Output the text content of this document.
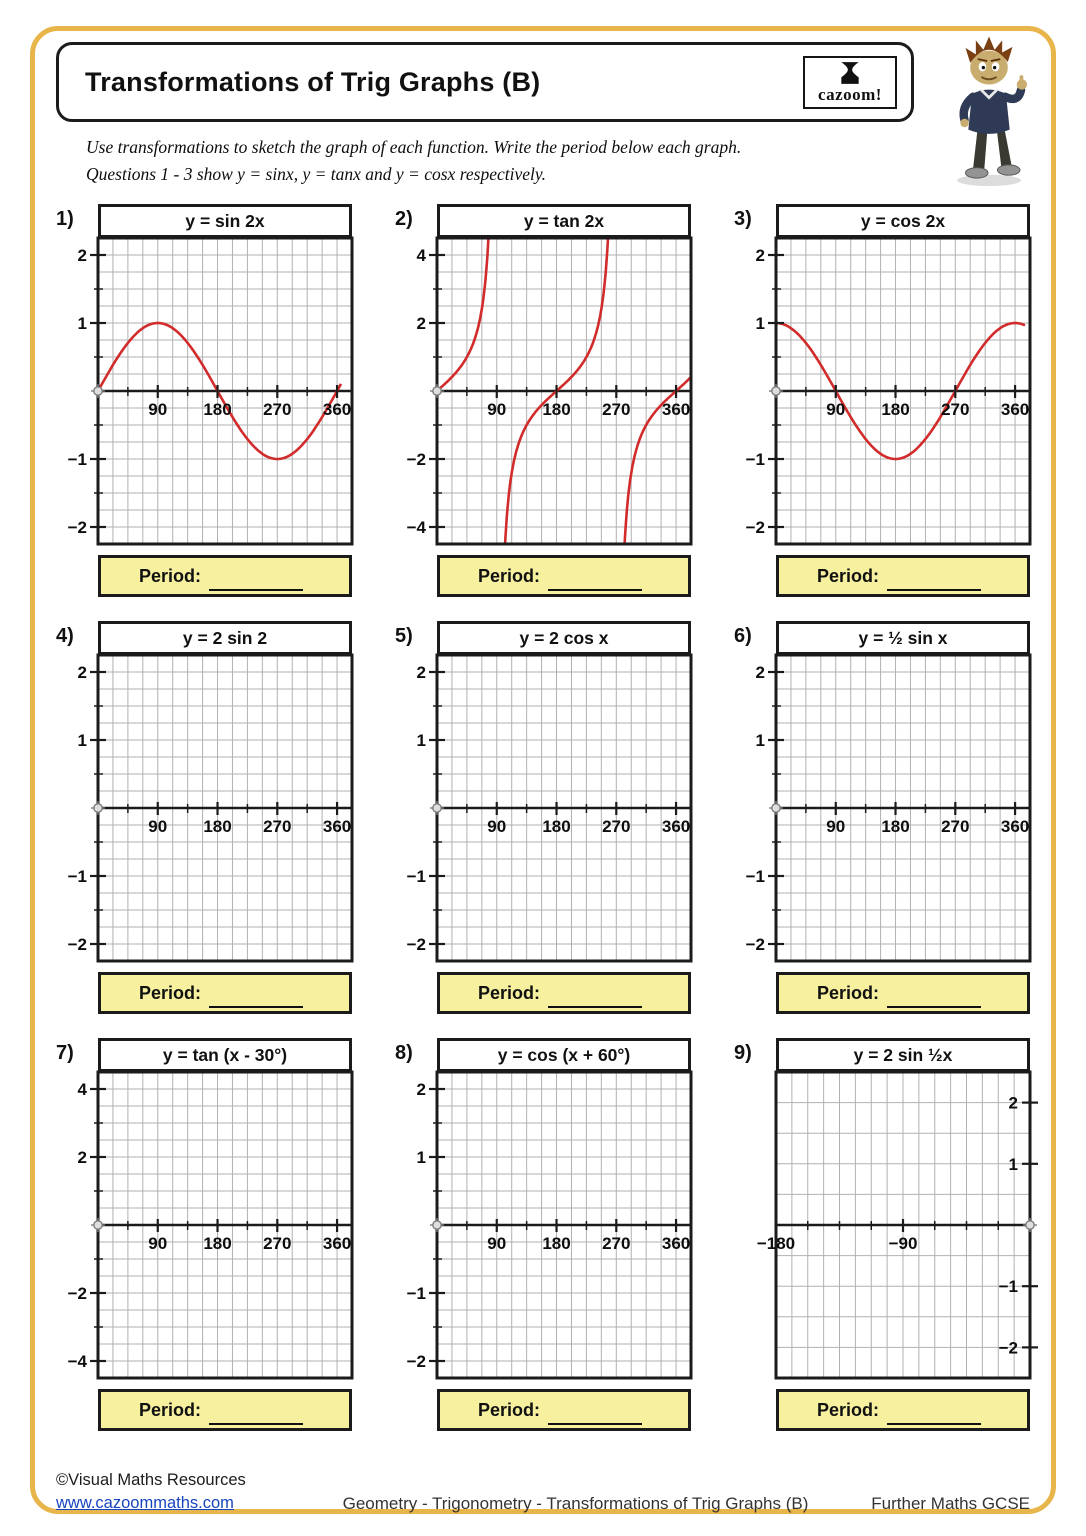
Transformations of Trig Graphs (B)	cazoom!
Use transformations to sketch the graph of each function. Write the period below each graph.
Questions 1 - 3 show y = sinx, y = tanx and y = cosx respectively.
1)	y = sin 2x
2
1
−1
−2
90 180 270 360
Period:
2)	y = tan 2x
4
2
−2
−4
90 180 270 360
Period:
3)	y = cos 2x
2
1
−1
−2
90 180 270 360
Period:
4)	y = 2 sin 2
2
1
−1
−2
90 180 270 360
Period:
5)	y = 2 cos x
2
1
−1
−2
90 180 270 360
Period:
6)	y = ½ sin x
2
1
−1
−2
90 180 270 360
Period:
7)	y = tan (x - 30°)
4
2
−2
−4
90 180 270 360
Period:
8)	y = cos (x + 60°)
2
1
−1
−2
90 180 270 360
Period:
9)	y = 2 sin ½x
2
1
−1
−2
−180	−90
Period:
©Visual Maths Resources
www.cazoommaths.com	Geometry - Trigonometry - Transformations of Trig Graphs (B)	Further Maths GCSE
